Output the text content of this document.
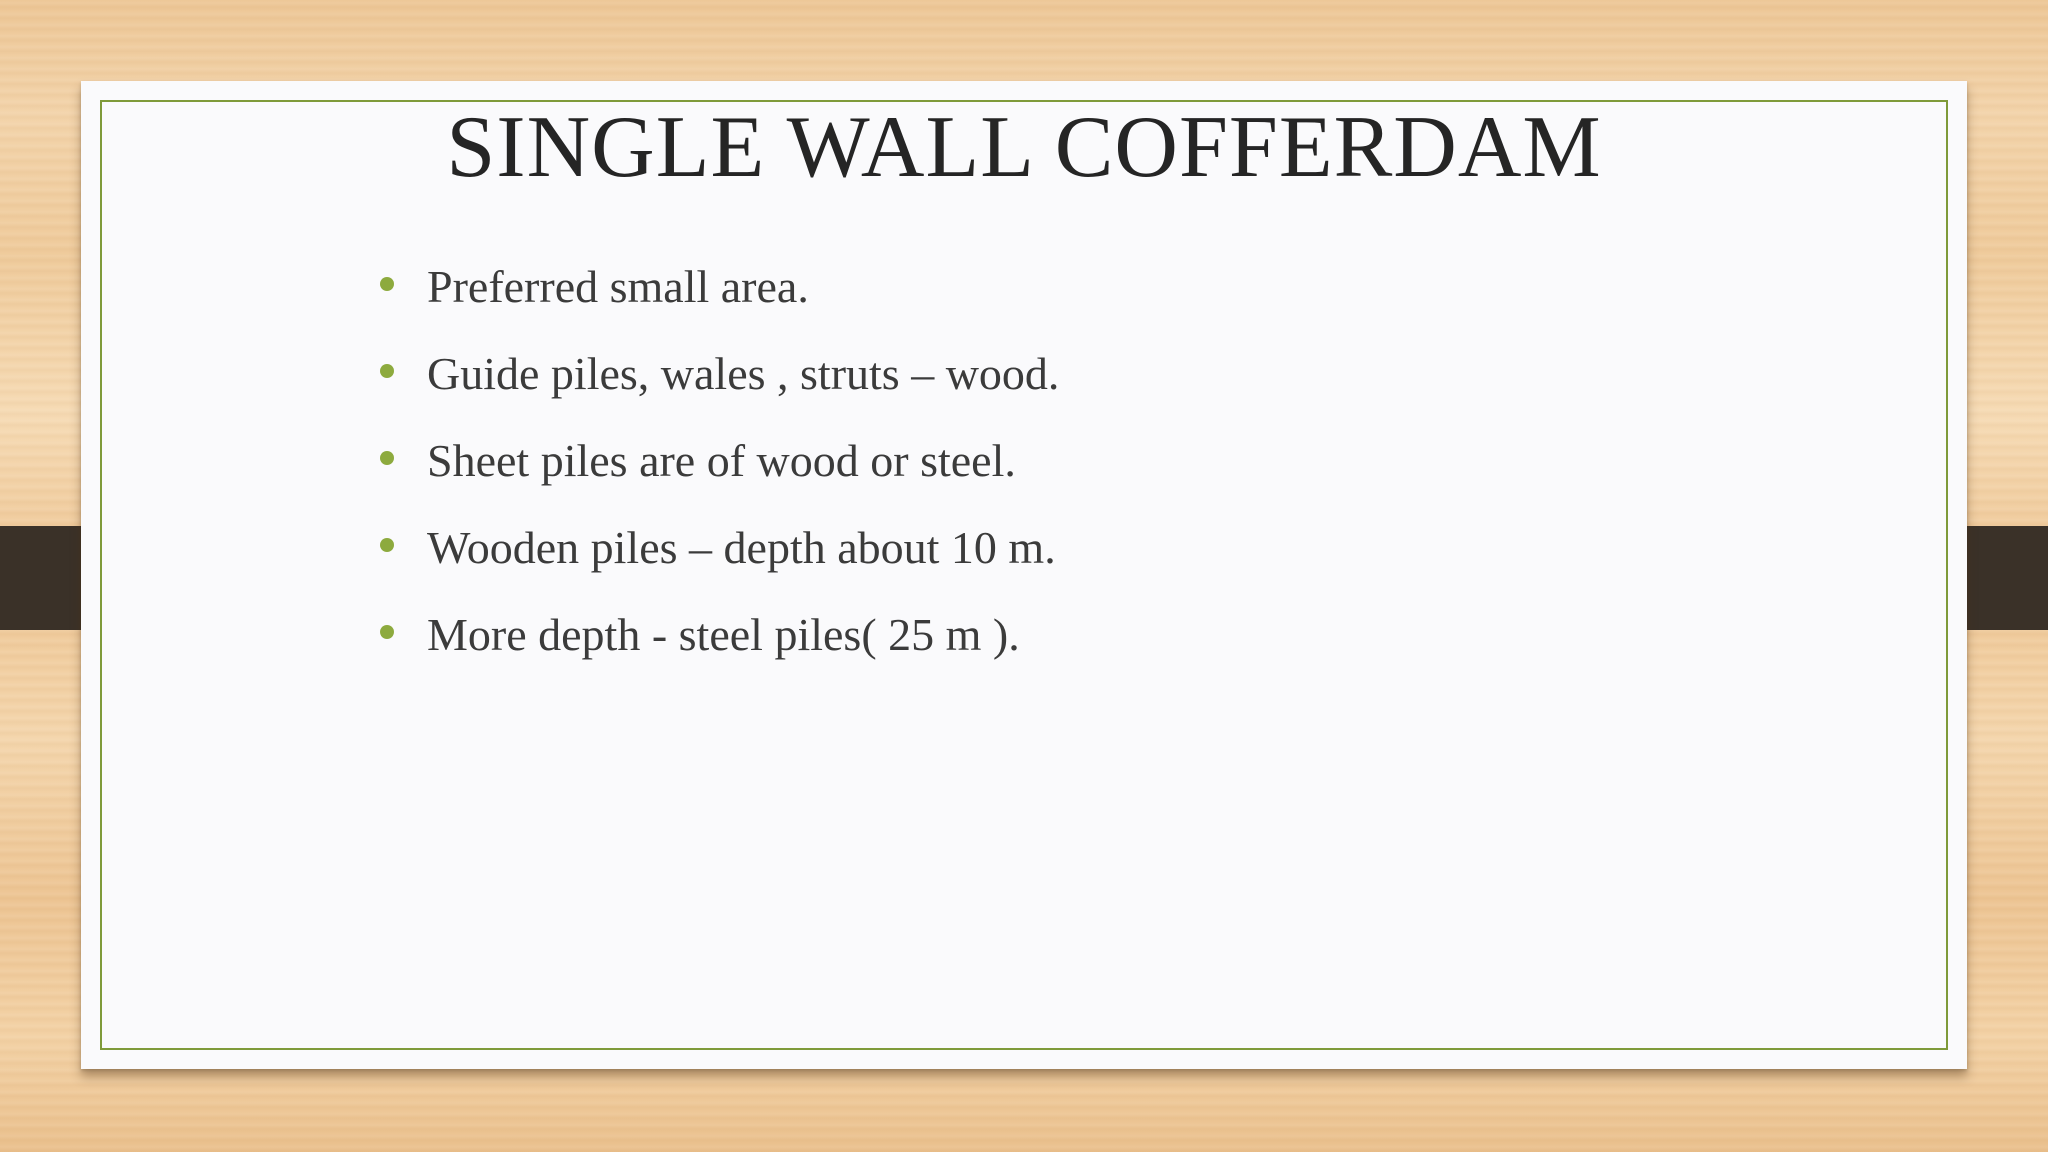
SINGLE WALL COFFERDAM
Preferred small area.
Guide piles, wales , struts – wood.
Sheet piles are of wood or steel.
Wooden piles – depth about 10 m.
More depth - steel piles( 25 m ).
